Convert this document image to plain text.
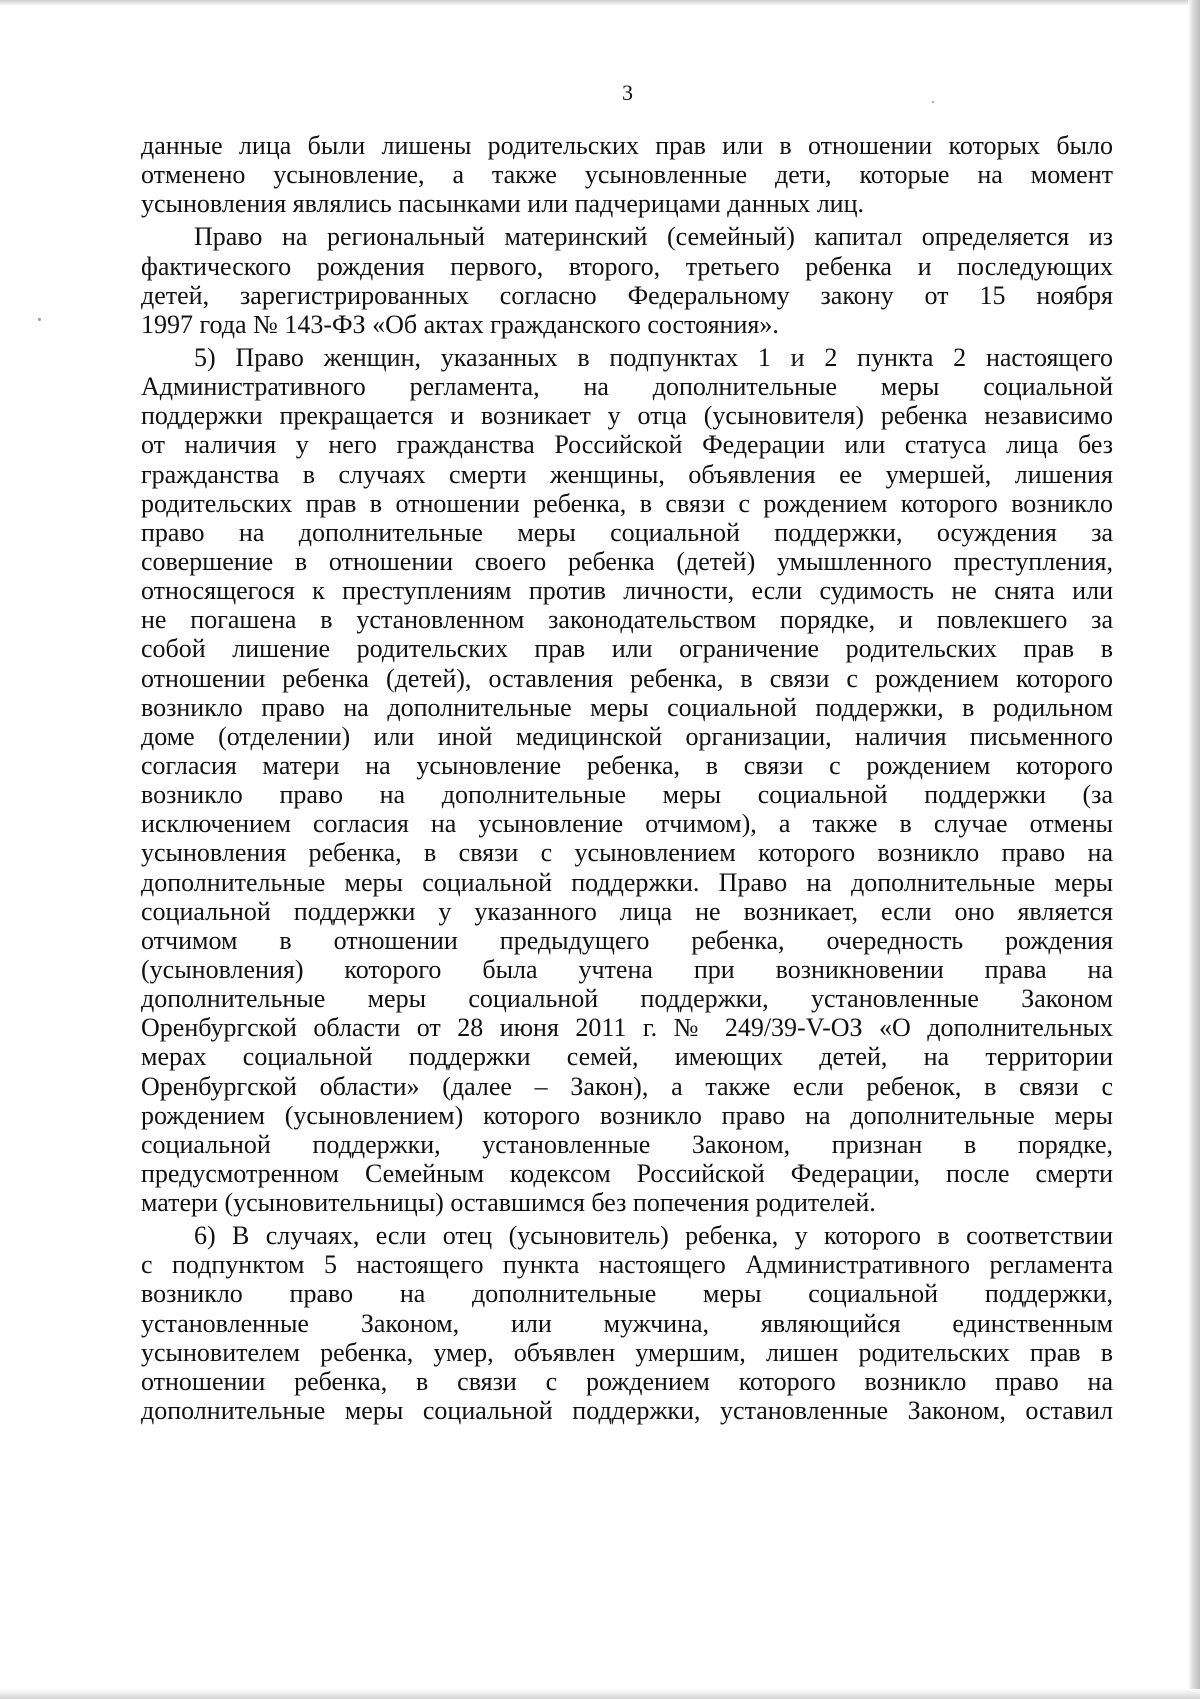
3
данные лица были лишены родительских прав или в отношении которых было
отменено усыновление, а также усыновленные дети, которые на момент
усыновления являлись пасынками или падчерицами данных лиц.
Право на региональный материнский (семейный) капитал определяется из
фактического рождения первого, второго, третьего ребенка и последующих
детей, зарегистрированных согласно Федеральному закону от 15 ноября
1997 года № 143-ФЗ «Об актах гражданского состояния».
5) Право женщин, указанных в подпунктах 1 и 2 пункта 2 настоящего
Административного регламента, на дополнительные меры социальной
поддержки прекращается и возникает у отца (усыновителя) ребенка независимо
от наличия у него гражданства Российской Федерации или статуса лица без
гражданства в случаях смерти женщины, объявления ее умершей, лишения
родительских прав в отношении ребенка, в связи с рождением которого возникло
право на дополнительные меры социальной поддержки, осуждения за
совершение в отношении своего ребенка (детей) умышленного преступления,
относящегося к преступлениям против личности, если судимость не снята или
не погашена в установленном законодательством порядке, и повлекшего за
собой лишение родительских прав или ограничение родительских прав в
отношении ребенка (детей), оставления ребенка, в связи с рождением которого
возникло право на дополнительные меры социальной поддержки, в родильном
доме (отделении) или иной медицинской организации, наличия письменного
согласия матери на усыновление ребенка, в связи с рождением которого
возникло право на дополнительные меры социальной поддержки (за
исключением согласия на усыновление отчимом), а также в случае отмены
усыновления ребенка, в связи с усыновлением которого возникло право на
дополнительные меры социальной поддержки. Право на дополнительные меры
социальной поддержки у указанного лица не возникает, если оно является
отчимом в отношении предыдущего ребенка, очередность рождения
(усыновления) которого была учтена при возникновении права на
дополнительные меры социальной поддержки, установленные Законом
Оренбургской области от 28 июня 2011 г. № 249/39-V-ОЗ «О дополнительных
мерах социальной поддержки семей, имеющих детей, на территории
Оренбургской области» (далее – Закон), а также если ребенок, в связи с
рождением (усыновлением) которого возникло право на дополнительные меры
социальной поддержки, установленные Законом, признан в порядке,
предусмотренном Семейным кодексом Российской Федерации, после смерти
матери (усыновительницы) оставшимся без попечения родителей.
6) В случаях, если отец (усыновитель) ребенка, у которого в соответствии
с подпунктом 5 настоящего пункта настоящего Административного регламента
возникло право на дополнительные меры социальной поддержки,
установленные Законом, или мужчина, являющийся единственным
усыновителем ребенка, умер, объявлен умершим, лишен родительских прав в
отношении ребенка, в связи с рождением которого возникло право на
дополнительные меры социальной поддержки, установленные Законом, оставил
